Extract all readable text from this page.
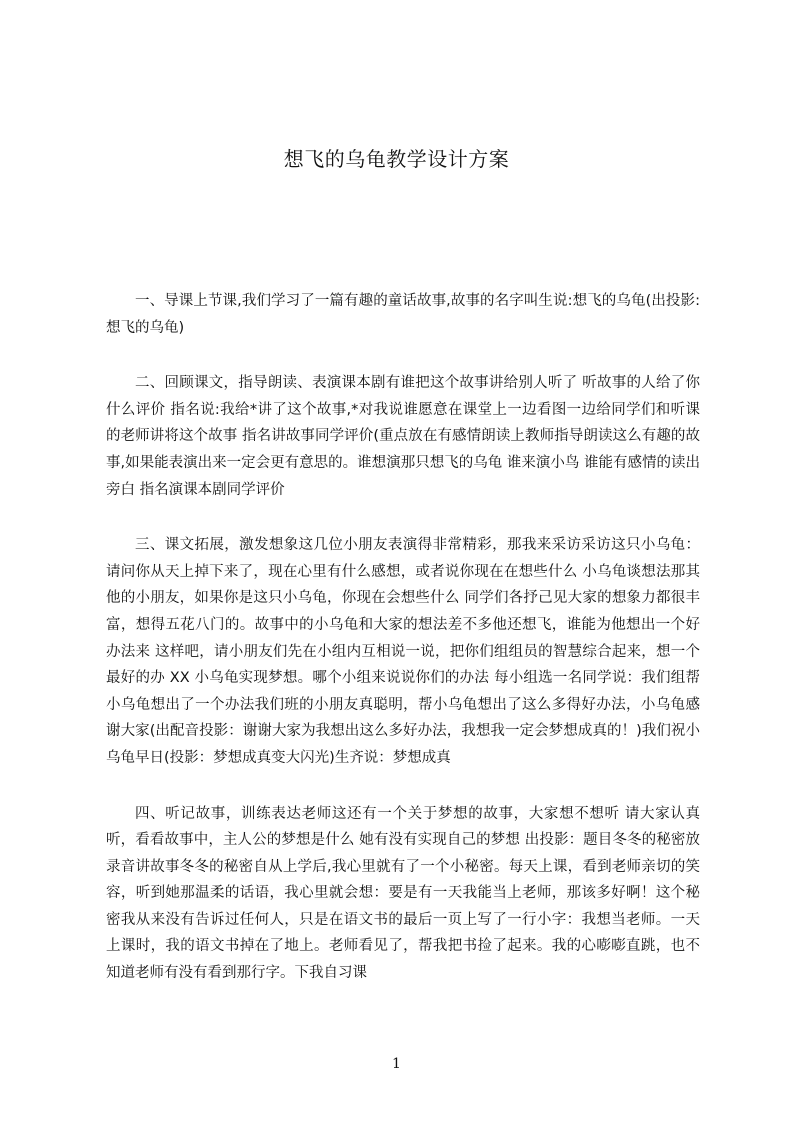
想飞的乌龟教学设计方案

一、导课上节课,我们学习了一篇有趣的童话故事,故事的名字叫生说:想飞的乌龟(出投影:想飞的乌龟)

二、回顾课文，指导朗读、表演课本剧有谁把这个故事讲给别人听了 听故事的人给了你什么评价 指名说:我给*讲了这个故事,*对我说谁愿意在课堂上一边看图一边给同学们和听课的老师讲将这个故事 指名讲故事同学评价(重点放在有感情朗读上教师指导朗读这么有趣的故事,如果能表演出来一定会更有意思的。谁想演那只想飞的乌龟 谁来演小鸟 谁能有感情的读出旁白 指名演课本剧同学评价

三、课文拓展，激发想象这几位小朋友表演得非常精彩，那我来采访采访这只小乌龟：请问你从天上掉下来了，现在心里有什么感想，或者说你现在在想些什么 小乌龟谈想法那其他的小朋友，如果你是这只小乌龟，你现在会想些什么 同学们各抒己见大家的想象力都很丰富，想得五花八门的。故事中的小乌龟和大家的想法差不多他还想飞，谁能为他想出一个好办法来 这样吧，请小朋友们先在小组内互相说一说，把你们组组员的智慧综合起来，想一个最好的办 XX 小乌龟实现梦想。哪个小组来说说你们的办法 每小组选一名同学说：我们组帮小乌龟想出了一个办法我们班的小朋友真聪明，帮小乌龟想出了这么多得好办法，小乌龟感谢大家(出配音投影：谢谢大家为我想出这么多好办法，我想我一定会梦想成真的！)我们祝小乌龟早日(投影：梦想成真变大闪光)生齐说：梦想成真

四、听记故事，训练表达老师这还有一个关于梦想的故事，大家想不想听 请大家认真听，看看故事中，主人公的梦想是什么 她有没有实现自己的梦想 出投影：题目冬冬的秘密放录音讲故事冬冬的秘密自从上学后,我心里就有了一个小秘密。每天上课，看到老师亲切的笑容，听到她那温柔的话语，我心里就会想：要是有一天我能当上老师，那该多好啊！这个秘密我从来没有告诉过任何人，只是在语文书的最后一页上写了一行小字：我想当老师。一天上课时，我的语文书掉在了地上。老师看见了，帮我把书捡了起来。我的心嘭嘭直跳，也不知道老师有没有看到那行字。下我自习课

1
